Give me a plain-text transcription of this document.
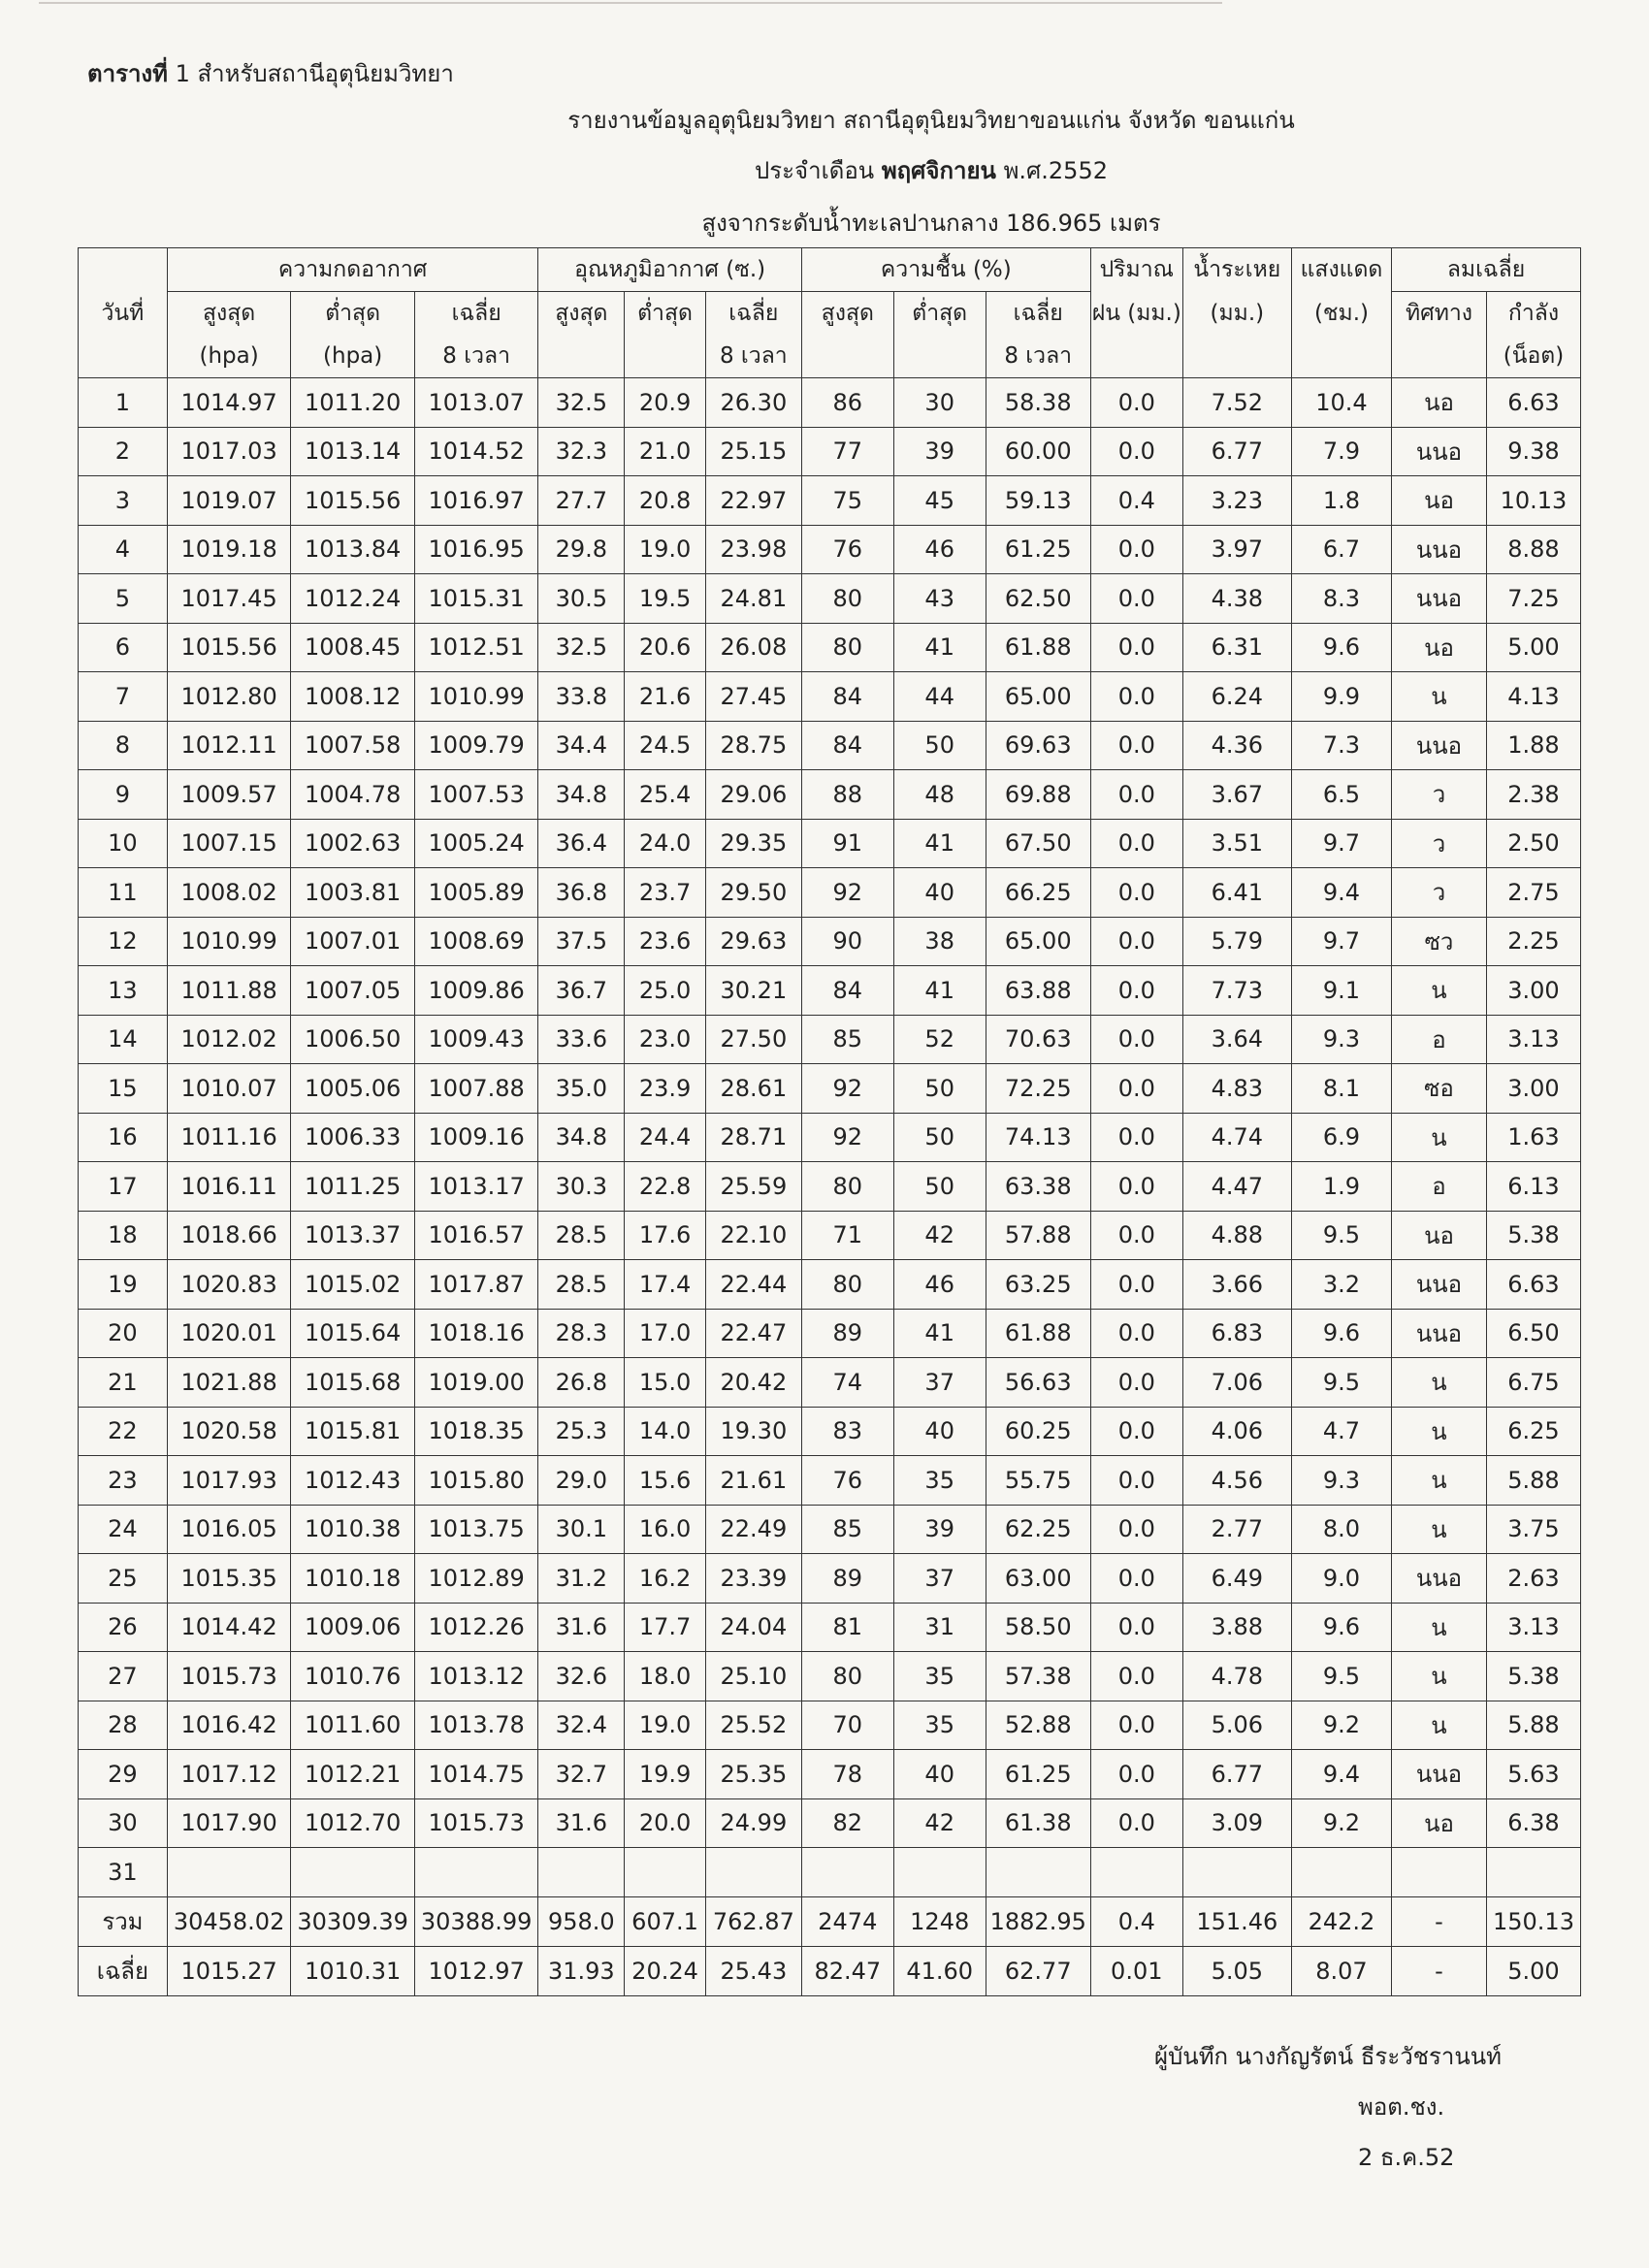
ตารางที่ 1 สำหรับสถานีอุตุนิยมวิทยา
รายงานข้อมูลอุตุนิยมวิทยา สถานีอุตุนิยมวิทยาขอนแก่น จังหวัด ขอนแก่น
ประจำเดือน พฤศจิกายน พ.ศ.2552
สูงจากระดับน้ำทะเลปานกลาง 186.965 เมตร
วันที่	ความกดอากาศ			อุณหภูมิอากาศ (ซ.)			ความชื้น (%)			ปริมาณ	น้ำระเหย	แสงแดด	ลมเฉลี่ย	
	สูงสุด	ต่ำสุด	เฉลี่ย	สูงสุด	ต่ำสุด	เฉลี่ย	สูงสุด	ต่ำสุด	เฉลี่ย	ฝน (มม.)	(มม.)	(ชม.)	ทิศทาง	กำลัง
	(hpa)	(hpa)	8 เวลา			8 เวลา			8 เวลา					(น็อต)
1	1014.97	1011.20	1013.07	32.5	20.9	26.30	86	30	58.38	0.0	7.52	10.4	นอ	6.63
2	1017.03	1013.14	1014.52	32.3	21.0	25.15	77	39	60.00	0.0	6.77	7.9	นนอ	9.38
3	1019.07	1015.56	1016.97	27.7	20.8	22.97	75	45	59.13	0.4	3.23	1.8	นอ	10.13
4	1019.18	1013.84	1016.95	29.8	19.0	23.98	76	46	61.25	0.0	3.97	6.7	นนอ	8.88
5	1017.45	1012.24	1015.31	30.5	19.5	24.81	80	43	62.50	0.0	4.38	8.3	นนอ	7.25
6	1015.56	1008.45	1012.51	32.5	20.6	26.08	80	41	61.88	0.0	6.31	9.6	นอ	5.00
7	1012.80	1008.12	1010.99	33.8	21.6	27.45	84	44	65.00	0.0	6.24	9.9	น	4.13
8	1012.11	1007.58	1009.79	34.4	24.5	28.75	84	50	69.63	0.0	4.36	7.3	นนอ	1.88
9	1009.57	1004.78	1007.53	34.8	25.4	29.06	88	48	69.88	0.0	3.67	6.5	ว	2.38
10	1007.15	1002.63	1005.24	36.4	24.0	29.35	91	41	67.50	0.0	3.51	9.7	ว	2.50
11	1008.02	1003.81	1005.89	36.8	23.7	29.50	92	40	66.25	0.0	6.41	9.4	ว	2.75
12	1010.99	1007.01	1008.69	37.5	23.6	29.63	90	38	65.00	0.0	5.79	9.7	ซว	2.25
13	1011.88	1007.05	1009.86	36.7	25.0	30.21	84	41	63.88	0.0	7.73	9.1	น	3.00
14	1012.02	1006.50	1009.43	33.6	23.0	27.50	85	52	70.63	0.0	3.64	9.3	อ	3.13
15	1010.07	1005.06	1007.88	35.0	23.9	28.61	92	50	72.25	0.0	4.83	8.1	ซอ	3.00
16	1011.16	1006.33	1009.16	34.8	24.4	28.71	92	50	74.13	0.0	4.74	6.9	น	1.63
17	1016.11	1011.25	1013.17	30.3	22.8	25.59	80	50	63.38	0.0	4.47	1.9	อ	6.13
18	1018.66	1013.37	1016.57	28.5	17.6	22.10	71	42	57.88	0.0	4.88	9.5	นอ	5.38
19	1020.83	1015.02	1017.87	28.5	17.4	22.44	80	46	63.25	0.0	3.66	3.2	นนอ	6.63
20	1020.01	1015.64	1018.16	28.3	17.0	22.47	89	41	61.88	0.0	6.83	9.6	นนอ	6.50
21	1021.88	1015.68	1019.00	26.8	15.0	20.42	74	37	56.63	0.0	7.06	9.5	น	6.75
22	1020.58	1015.81	1018.35	25.3	14.0	19.30	83	40	60.25	0.0	4.06	4.7	น	6.25
23	1017.93	1012.43	1015.80	29.0	15.6	21.61	76	35	55.75	0.0	4.56	9.3	น	5.88
24	1016.05	1010.38	1013.75	30.1	16.0	22.49	85	39	62.25	0.0	2.77	8.0	น	3.75
25	1015.35	1010.18	1012.89	31.2	16.2	23.39	89	37	63.00	0.0	6.49	9.0	นนอ	2.63
26	1014.42	1009.06	1012.26	31.6	17.7	24.04	81	31	58.50	0.0	3.88	9.6	น	3.13
27	1015.73	1010.76	1013.12	32.6	18.0	25.10	80	35	57.38	0.0	4.78	9.5	น	5.38
28	1016.42	1011.60	1013.78	32.4	19.0	25.52	70	35	52.88	0.0	5.06	9.2	น	5.88
29	1017.12	1012.21	1014.75	32.7	19.9	25.35	78	40	61.25	0.0	6.77	9.4	นนอ	5.63
30	1017.90	1012.70	1015.73	31.6	20.0	24.99	82	42	61.38	0.0	3.09	9.2	นอ	6.38
31														
รวม	30458.02	30309.39	30388.99	958.0	607.1	762.87	2474	1248	1882.95	0.4	151.46	242.2	-	150.13
เฉลี่ย	1015.27	1010.31	1012.97	31.93	20.24	25.43	82.47	41.60	62.77	0.01	5.05	8.07	-	5.00
ผู้บันทึก นางกัญรัตน์ ธีระวัชรานนท์
พอต.ชง.
2 ธ.ค.52
